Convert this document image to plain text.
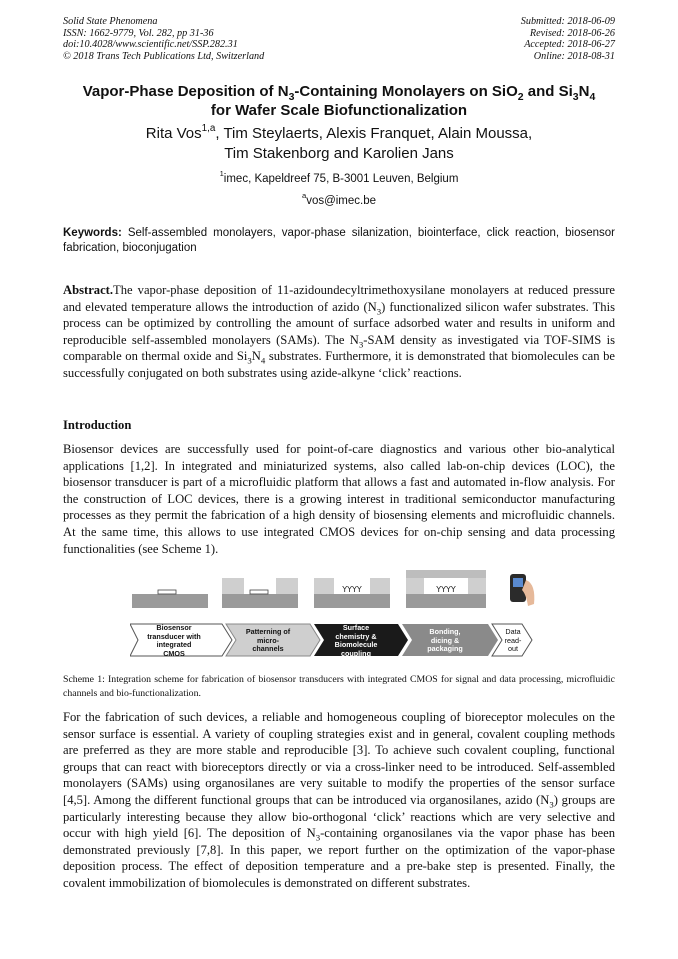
Solid State Phenomena
ISSN: 1662-9779, Vol. 282, pp 31-36
doi:10.4028/www.scientific.net/SSP.282.31
© 2018 Trans Tech Publications Ltd, Switzerland
Submitted: 2018-06-09
Revised: 2018-06-26
Accepted: 2018-06-27
Online: 2018-08-31
Vapor-Phase Deposition of $N_3$-Containing Monolayers on SiO$_2$ and $Si_3N_4$
for Wafer Scale Biofunctionalization
Rita Vos$^{1,a}$, Tim Steylaerts, Alexis Franquet, Alain Moussa,
Tim Stakenborg and Karolien Jans
$^1$imec, Kapeldreef 75, B-3001 Leuven, Belgium
$^a$vos@imec.be
Keywords: Self-assembled monolayers, vapor-phase silanization, biointerface, click reaction, biosensor fabrication, bioconjugation
Abstract.The vapor-phase deposition of 11-azidoundecyltrimethoxysilane monolayers at reduced pressure and elevated temperature allows the introduction of azido $(N_3)$ functionalized silicon wafer substrates. This process can be optimized by controlling the amount of surface adsorbed water and results in uniform and reproducible self-assembled monolayers (SAMs). The $N_3$-SAM density as investigated via TOF-SIMS is comparable on thermal oxide and $Si_3N_4$ substrates. Furthermore, it is demonstrated that biomolecules can be successfully conjugated on both substrates using azide-alkyne ‘click’ reactions.
Introduction
Biosensor devices are successfully used for point-of-care diagnostics and various other bio-analytical applications [1,2]. In integrated and miniaturized systems, also called lab-on-chip devices (LOC), the biosensor transducer is part of a microfluidic platform that allows a fast and automated in-flow analysis. For the construction of LOC devices, there is a growing interest in traditional semiconductor manufacturing processes as they permit the fabrication of a high density of biosensing elements and microfluidic channels. At the same time, this allows to use integrated CMOS devices for on-chip sensing and data processing functionalities (see Scheme 1).
YYYY	YYYY
Biosensor
transducer with
integrated CMOS
Patterning of
micro-channels
Surface chemistry &
Biomolecule coupling
Bonding, dicing &
packaging
Data
read-
out
Scheme 1: Integration scheme for fabrication of biosensor transducers with integrated CMOS for signal and data processing, microfluidic channels and bio-functionalization.
For the fabrication of such devices, a reliable and homogeneous coupling of bioreceptor molecules on the sensor surface is essential. A variety of coupling strategies exist and in general, covalent coupling methods are preferred as they are more stable and reproducible [3]. To achieve such covalent coupling, functional groups that can react with bioreceptors directly or via a cross-linker need to be introduced. Self-assembled monolayers (SAMs) using organosilanes are very suitable to modify the properties of the sensor surface [4,5]. Among the different functional groups that can be introduced via organosilanes, azido $(N_3)$ groups are particularly interesting because they allow bio-orthogonal ‘click’ reactions which are very selective and occur with high yield [6]. The deposition of $N_3$-containing organosilanes via the vapor phase has been demonstrated previously [7,8]. In this paper, we report further on the optimization of the vapor-phase deposition process. The effect of deposition temperature and a pre-bake step is presented. Finally, the covalent immobilization of biomolecules is demonstrated on different substrates.
